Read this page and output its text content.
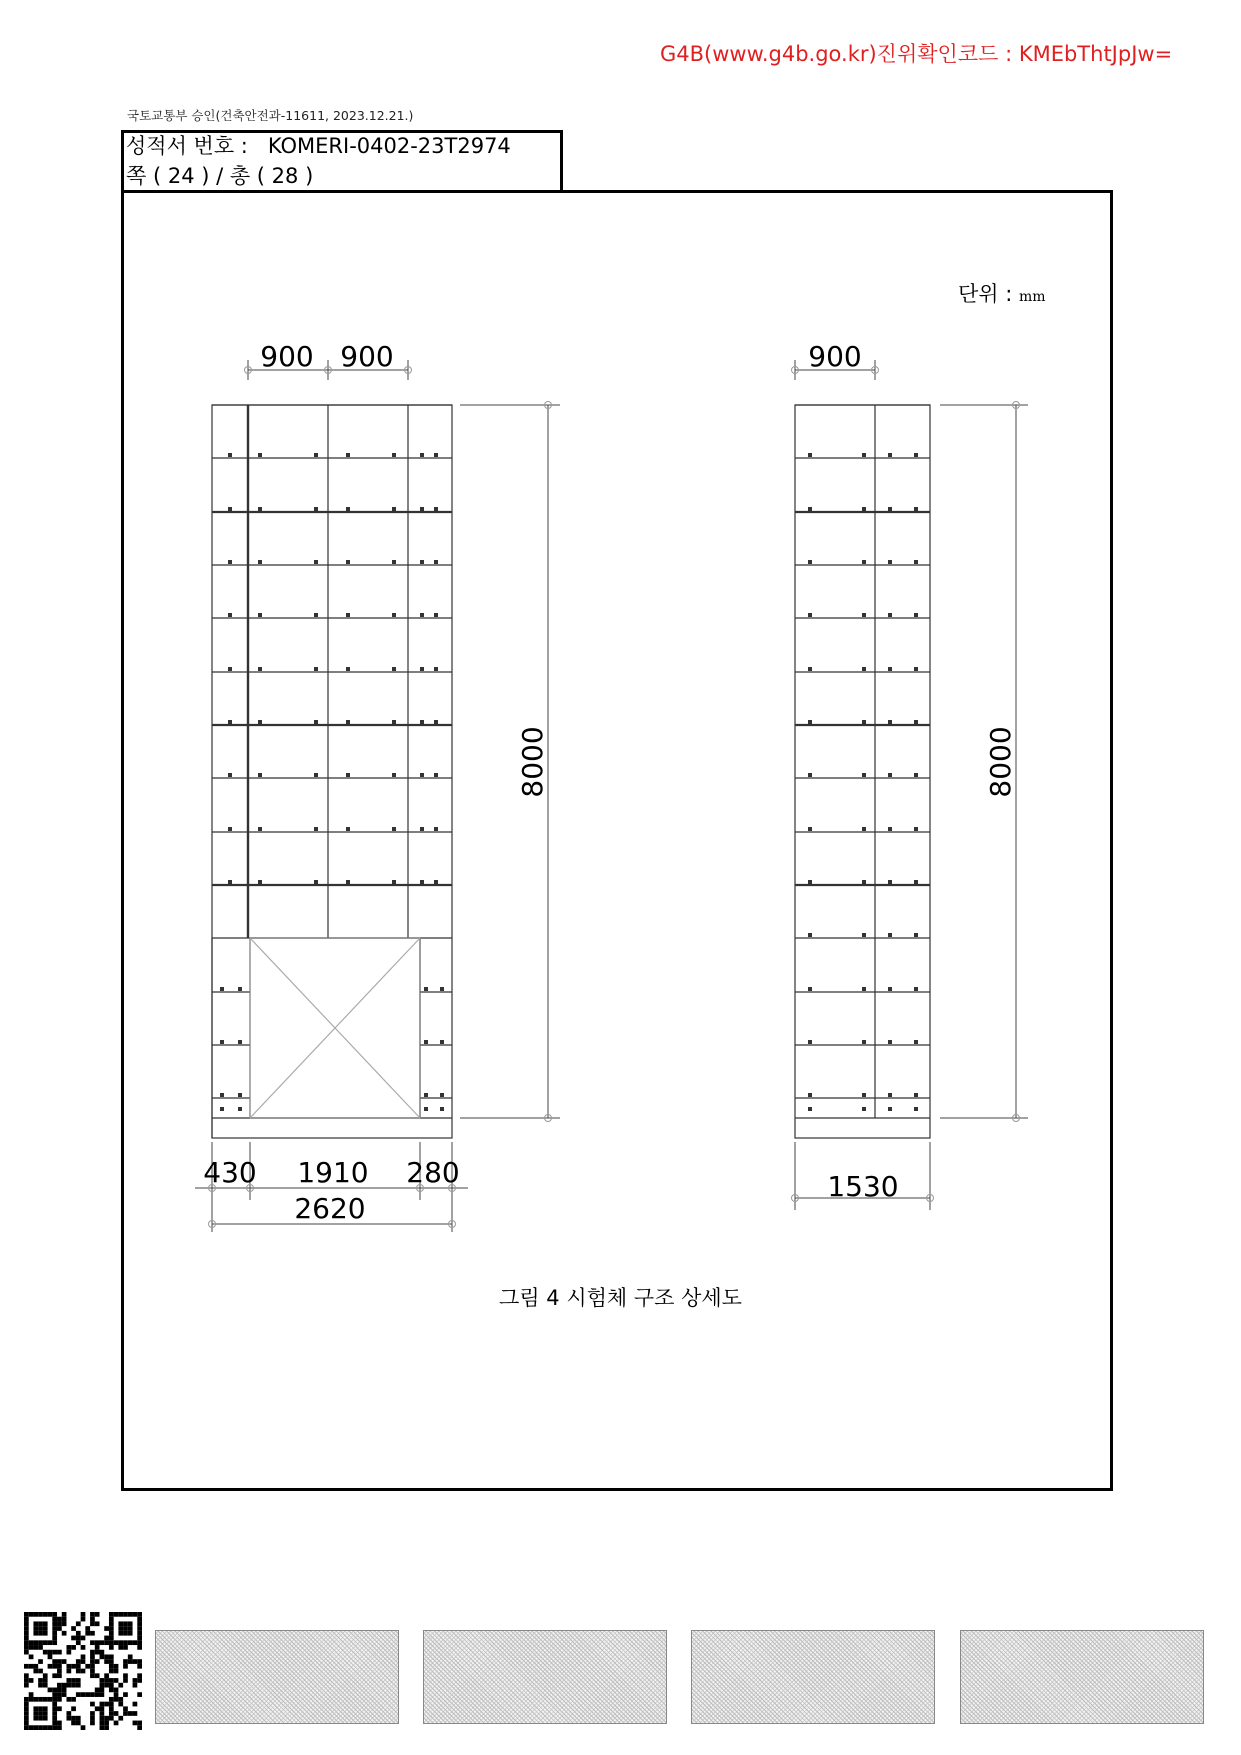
G4B(www.g4b.go.kr)진위확인코드 : KMEbThtJpJw=
국토교통부 승인(건축안전과-11611, 2023.12.21.)
성적서 번호 :   KOMERI-0402-23T2974
쪽 ( 24 ) / 총 ( 28 )
단위 : mm
900 900	900
8000	8000
430 1910 280
2620
1530
그림 4 시험체 구조 상세도
